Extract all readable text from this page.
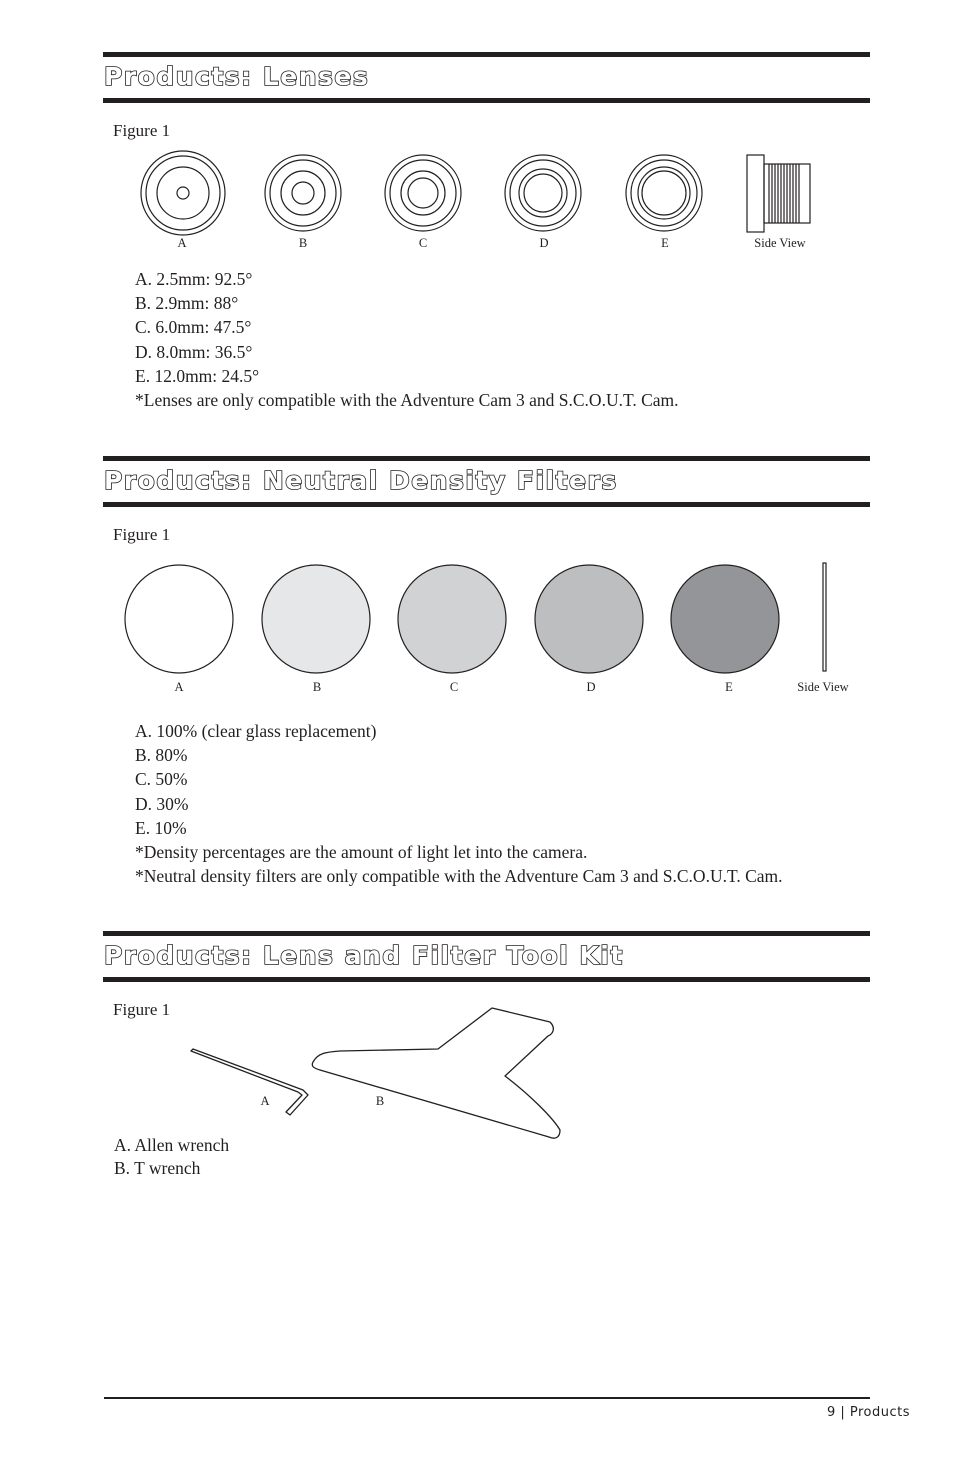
Products: Lenses
Figure 1
A	B	C	D	E	Side View
A. 2.5mm: 92.5°
B. 2.9mm: 88°
C. 6.0mm: 47.5°
D. 8.0mm: 36.5°
E. 12.0mm: 24.5°
*Lenses are only compatible with the Adventure Cam 3 and S.C.O.U.T. Cam.
Products: Neutral Density Filters
Figure 1
A	B	C	D	E	Side View
A. 100% (clear glass replacement)
B. 80%
C. 50%
D. 30%
E. 10%
*Density percentages are the amount of light let into the camera.
*Neutral density filters are only compatible with the Adventure Cam 3 and S.C.O.U.T. Cam.
Products: Lens and Filter Tool Kit
Figure 1
A	B
A. Allen wrench
B. T wrench
9 | Products
